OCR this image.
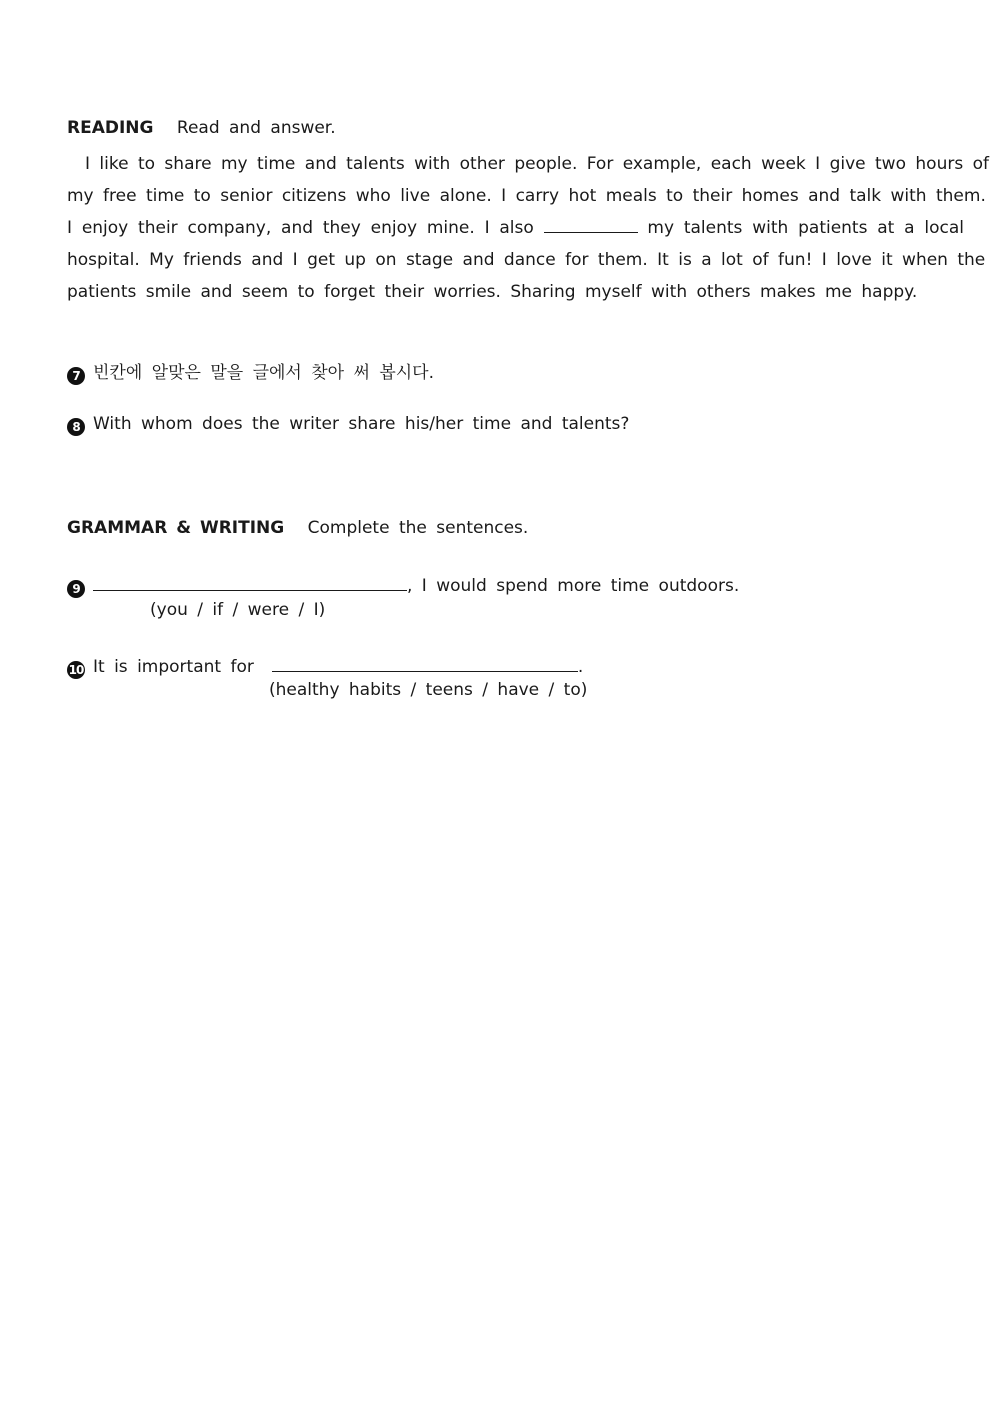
READING Read and answer.
I like to share my time and talents with other people. For example, each week I give two hours of
my free time to senior citizens who live alone. I carry hot meals to their homes and talk with them.
I enjoy their company, and they enjoy mine. I also	my talents with patients at a local
hospital. My friends and I get up on stage and dance for them. It is a lot of fun! I love it when the
patients smile and seem to forget their worries. Sharing myself with others makes me happy.
7 빈칸에 알맞은 말을 글에서 찾아 써 봅시다.
8 With whom does the writer share his/her time and talents?
GRAMMAR & WRITING Complete the sentences.
9	, I would spend more time outdoors.
(you / if / were / I)
10 It is important for	.
(healthy habits / teens / have / to)
